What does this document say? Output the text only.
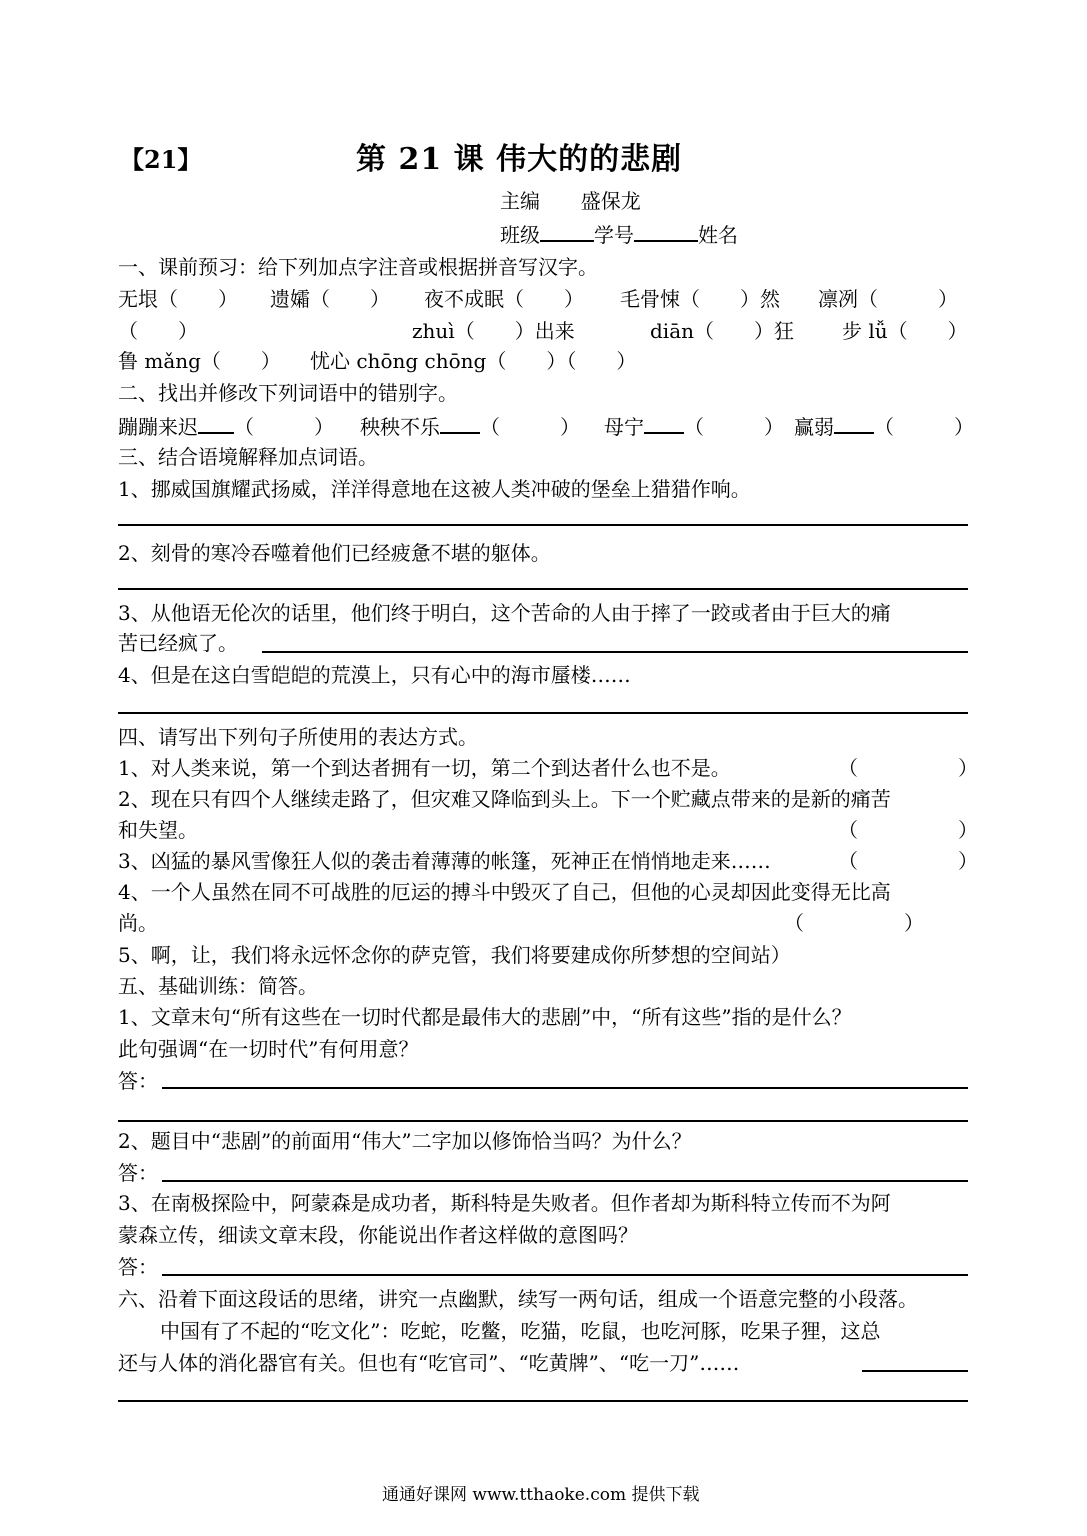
【21】	第 21 课 伟大的的悲剧
主编 盛保龙
班级	学号	姓名
一、课前预习：给下列加点字注音或根据拼音写汉字。
无垠（　　） 遗孀（　　） 夜不成眠（　　） 毛骨悚（　　）然 凛冽（　　　）
（　　）	zhuì（　　）出来	diān（　　）狂 步 lǚ（　　）
鲁 mǎng（　　） 忧心 chōng chōng（　　）（　　）
二、找出并修改下列词语中的错别字。
蹦蹦来迟 （　　　） 秧秧不乐 （　　　） 母宁 （　　　） 赢弱 （　　　）
三、结合语境解释加点词语。
1、挪威国旗耀武扬威，洋洋得意地在这被人类冲破的堡垒上猎猎作响。
2、刻骨的寒冷吞噬着他们已经疲惫不堪的躯体。
3、从他语无伦次的话里，他们终于明白，这个苦命的人由于摔了一跤或者由于巨大的痛
苦已经疯了。
4、但是在这白雪皑皑的荒漠上，只有心中的海市蜃楼……
四、请写出下列句子所使用的表达方式。
1、对人类来说，第一个到达者拥有一切，第二个到达者什么也不是。	（　　　　　）
2、现在只有四个人继续走路了，但灾难又降临到头上。下一个贮藏点带来的是新的痛苦
和失望。	（　　　　　）
3、凶猛的暴风雪像狂人似的袭击着薄薄的帐篷，死神正在悄悄地走来……	（　　　　　）
4、一个人虽然在同不可战胜的厄运的搏斗中毁灭了自己，但他的心灵却因此变得无比高
尚。	（　　　　　）
5、啊，让，我们将永远怀念你的萨克管，我们将要建成你所梦想的空间站）
五、基础训练：简答。
1、文章末句“所有这些在一切时代都是最伟大的悲剧”中，“所有这些”指的是什么？
此句强调“在一切时代”有何用意？
答：
2、题目中“悲剧”的前面用“伟大”二字加以修饰恰当吗？为什么？
答：
3、在南极探险中，阿蒙森是成功者，斯科特是失败者。但作者却为斯科特立传而不为阿
蒙森立传，细读文章末段，你能说出作者这样做的意图吗？
答：
六、沿着下面这段话的思绪，讲究一点幽默，续写一两句话，组成一个语意完整的小段落。
中国有了不起的“吃文化”：吃蛇，吃鳖，吃猫，吃鼠，也吃河豚，吃果子狸，这总
还与人体的消化器官有关。但也有“吃官司”、“吃黄牌”、“吃一刀”……
通通好课网 www.tthaoke.com 提供下载
